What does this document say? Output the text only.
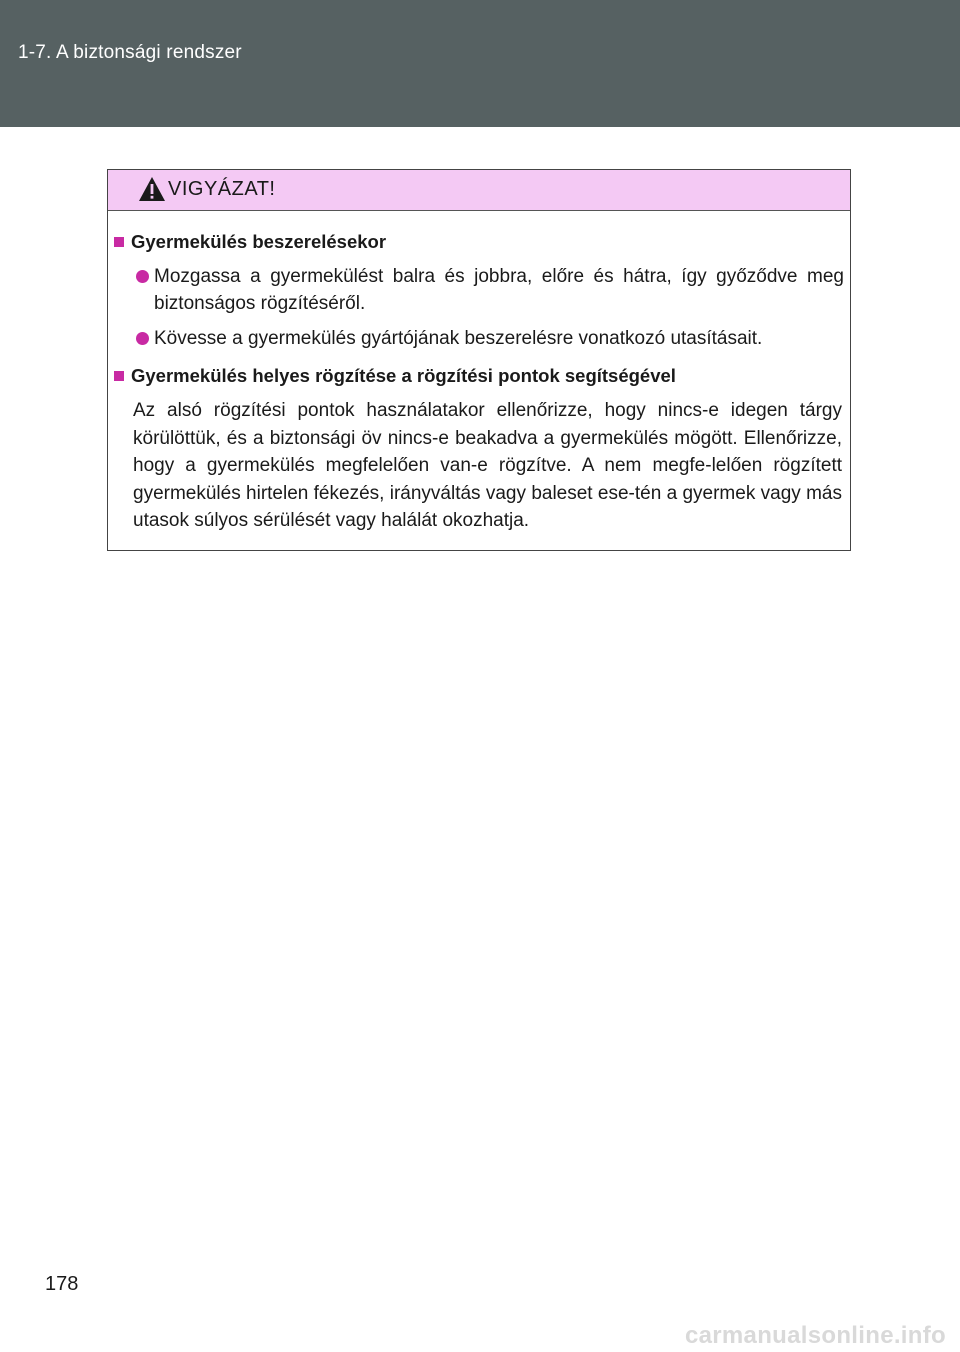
1-7. A biztonsági rendszer
VIGYÁZAT!
Gyermekülés beszerelésekor
Mozgassa a gyermekülést balra és jobbra, előre és hátra, így győződve meg biztonságos rögzítéséről.
Kövesse a gyermekülés gyártójának beszerelésre vonatkozó utasításait.
Gyermekülés helyes rögzítése a rögzítési pontok segítségével
Az alsó rögzítési pontok használatakor ellenőrizze, hogy nincs-e idegen tárgy körülöttük, és a biztonsági öv nincs-e beakadva a gyermekülés mögött. Ellenőrizze, hogy a gyermekülés megfelelően van-e rögzítve. A nem megfe-lelően rögzített gyermekülés hirtelen fékezés, irányváltás vagy baleset ese-tén a gyermek vagy más utasok súlyos sérülését vagy halálát okozhatja.
178
carmanualsonline.info
